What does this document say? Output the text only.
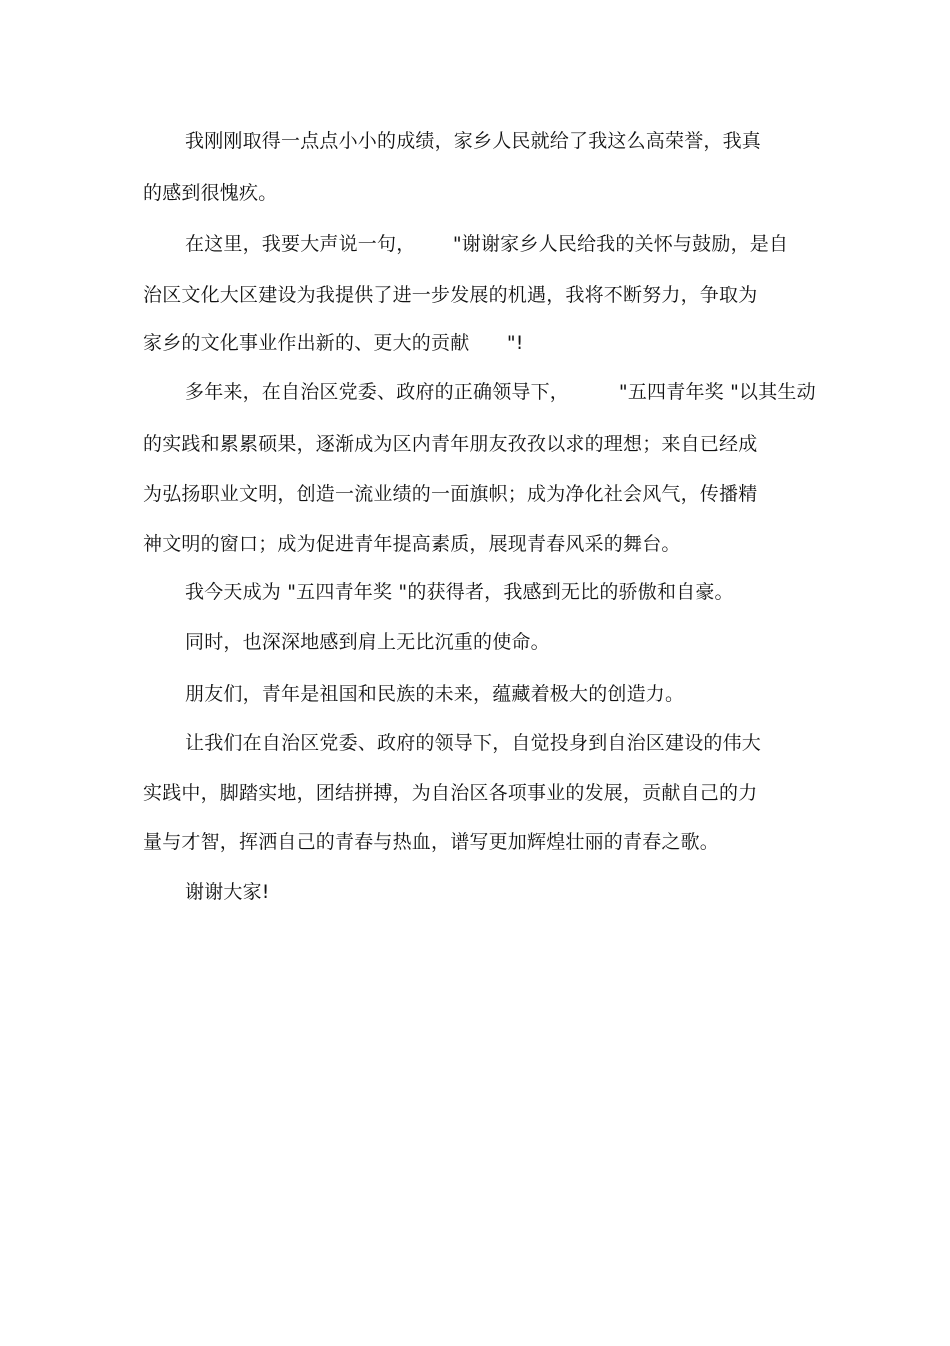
我刚刚取得一点点小小的成绩，家乡人民就给了我这么高荣誉，我真
的感到很愧疚。
在这里，我要大声说一句，      "谢谢家乡人民给我的关怀与鼓励，是自
治区文化大区建设为我提供了进一步发展的机遇，我将不断努力，争取为
家乡的文化事业作出新的、更大的贡献      "!
多年来，在自治区党委、政府的正确领导下，        "五四青年奖 "以其生动
的实践和累累硕果，逐渐成为区内青年朋友孜孜以求的理想；来自已经成
为弘扬职业文明，创造一流业绩的一面旗帜；成为净化社会风气，传播精
神文明的窗口；成为促进青年提高素质，展现青春风采的舞台。
我今天成为 "五四青年奖 "的获得者，我感到无比的骄傲和自豪。
同时，也深深地感到肩上无比沉重的使命。
朋友们，青年是祖国和民族的未来，蕴藏着极大的创造力。
让我们在自治区党委、政府的领导下，自觉投身到自治区建设的伟大
实践中，脚踏实地，团结拼搏，为自治区各项事业的发展，贡献自己的力
量与才智，挥洒自己的青春与热血，谱写更加辉煌壮丽的青春之歌。
谢谢大家!
